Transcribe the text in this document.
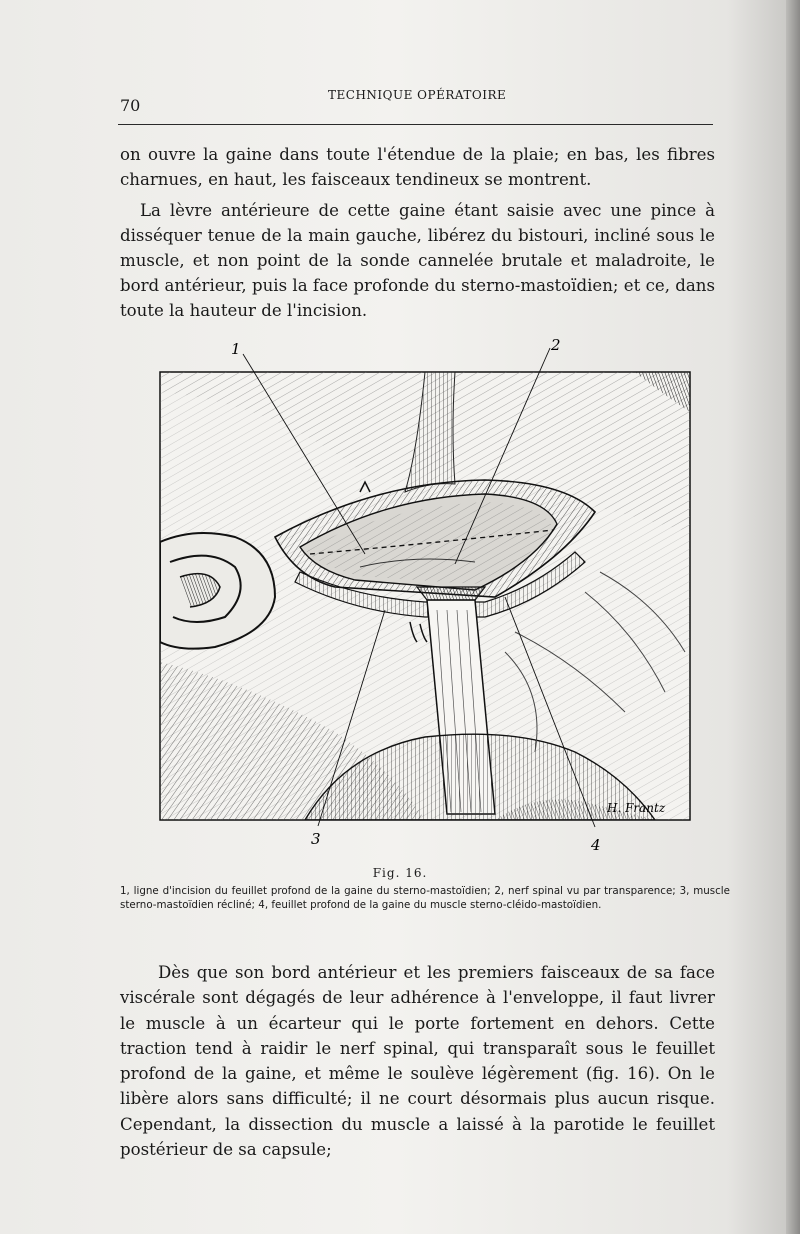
70
TECHNIQUE OPÉRATOIRE

on ouvre la gaine dans toute l'étendue de la plaie; en bas, les fibres charnues, en haut, les faisceaux tendineux se montrent.

La lèvre antérieure de cette gaine étant saisie avec une pince à disséquer tenue de la main gauche, libérez du bistouri, incliné sous le muscle, et non point de la sonde cannelée brutale et maladroite, le bord antérieur, puis la face profonde du sterno-mastoïdien; et ce, dans toute la hauteur de l'incision.

1	2
3	4
H. Frantz
Fig. 16.

1, ligne d'incision du feuillet profond de la gaine du sterno-mastoïdien; 2, nerf spinal vu par transparence; 3, muscle sterno-mastoïdien récliné; 4, feuillet profond de la gaine du muscle sterno-cléido-mastoïdien.

Dès que son bord antérieur et les premiers faisceaux de sa face viscérale sont dégagés de leur adhérence à l'enveloppe, il faut livrer le muscle à un écarteur qui le porte fortement en dehors. Cette traction tend à raidir le nerf spinal, qui transparaît sous le feuillet profond de la gaine, et même le soulève légèrement (fig. 16). On le libère alors sans difficulté; il ne court désormais plus aucun risque. Cependant, la dissection du muscle a laissé à la parotide le feuillet postérieur de sa capsule;
